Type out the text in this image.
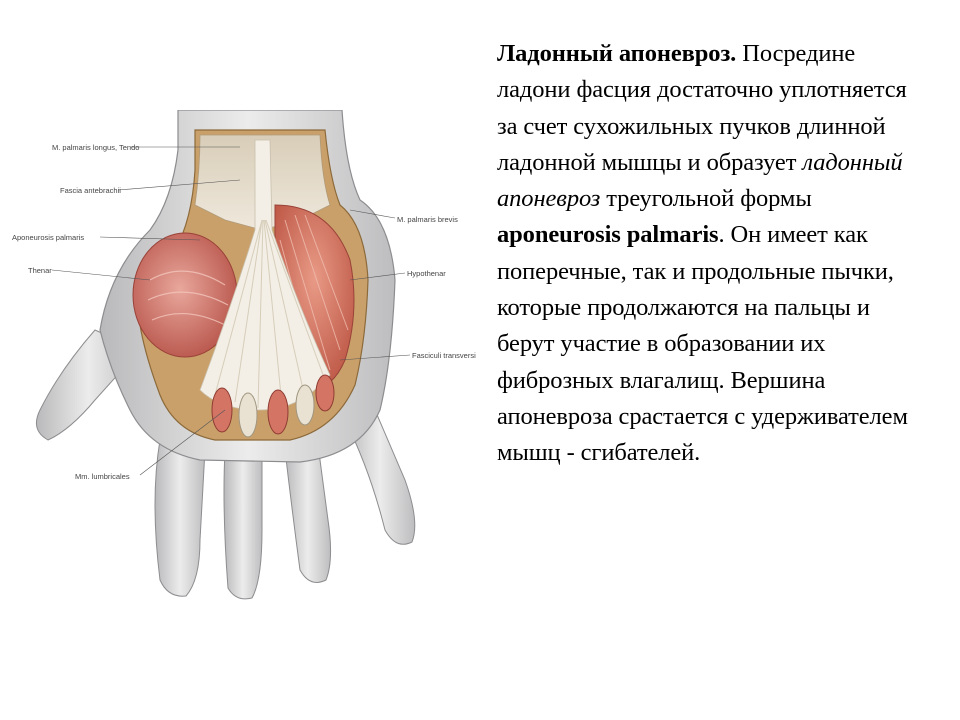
M. palmaris longus, Tendo
Fascia antebrachii
Aponeurosis palmaris
Thenar
M. palmaris brevis
Hypothenar
Fasciculi transversi
Mm. lumbricales

Ладонный апоневроз. Посредине ладони фасция достаточно уплотняется за счет сухожильных пучков длинной ладонной мышцы и образует ладонный апоневроз треугольной формы aponeurosis palmaris. Он имеет как поперечные, так и продольные пычки, которые продолжаются на пальцы и берут участие в образовании их фиброзных влагалищ. Вершина апоневроза срастается с удерживателем мышц - сгибателей.
